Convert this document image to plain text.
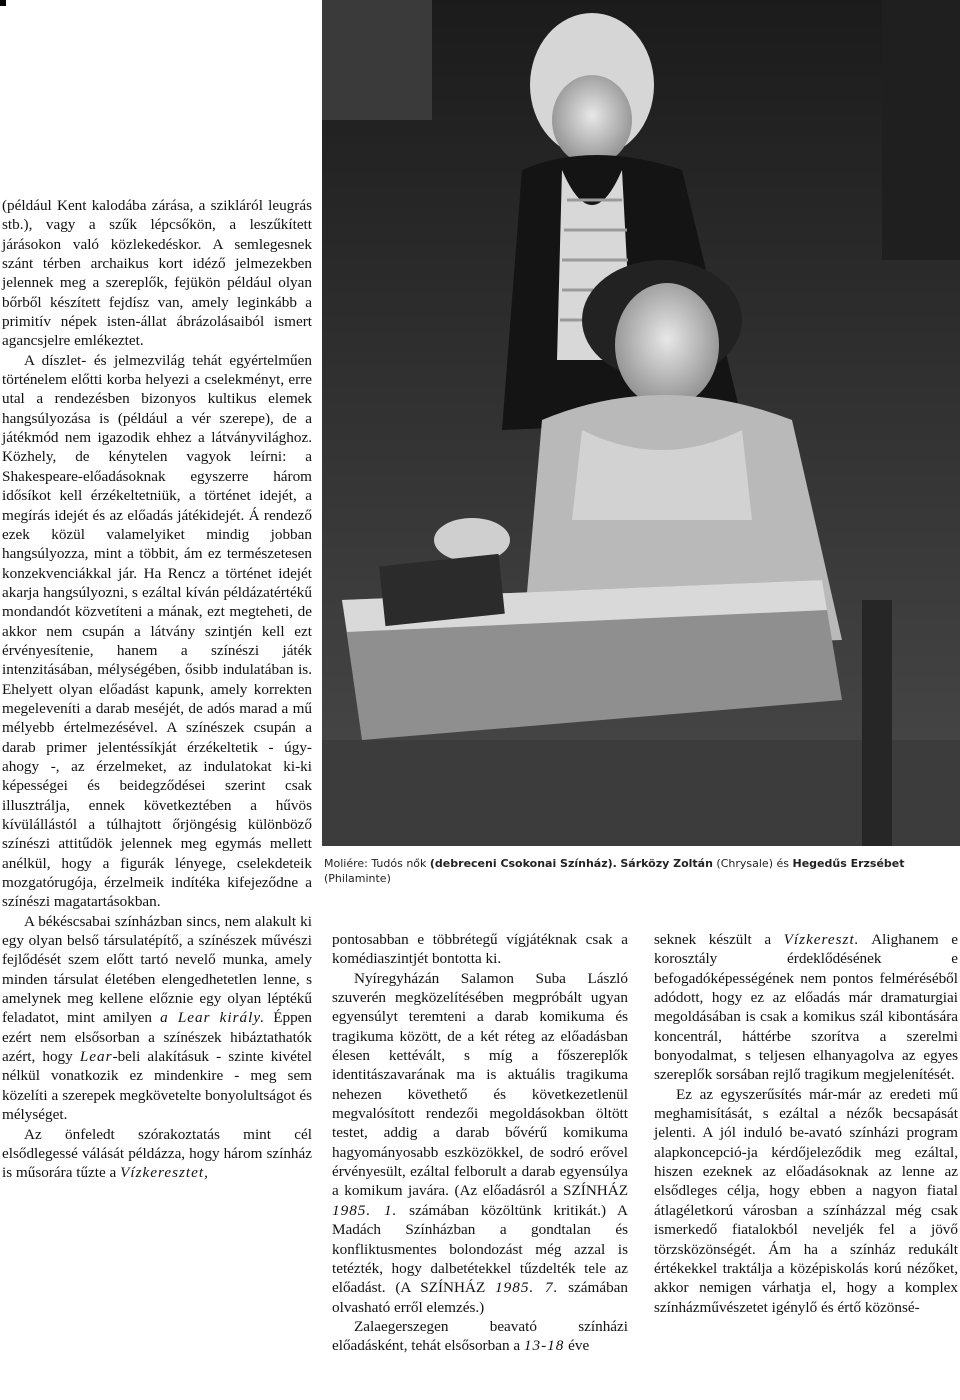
(például Kent kalodába zárása, a szikláról leugrás stb.), vagy a szűk lépcsőkön, a leszűkített járásokon való közlekedéskor. A semlegesnek szánt térben archaikus kort idéző jelmezekben jelennek meg a szereplők, fejükön például olyan bőrből készített fejdísz van, amely leginkább a primitív népek isten-állat ábrázolásaiból ismert agancsjelre emlékeztet.

A díszlet- és jelmezvilág tehát egyértelműen történelem előtti korba helyezi a cselekményt, erre utal a rendezésben bizonyos kultikus elemek hangsúlyozása is (például a vér szerepe), de a játékmód nem igazodik ehhez a látványvilághoz. Közhely, de kénytelen vagyok leírni: a Shakespeare-előadásoknak egyszerre három idősíkot kell érzékeltetniük, a történet idejét, a megírás idejét és az előadás játékidejét. Á rendező ezek közül valamelyiket mindig jobban hangsúlyozza, mint a többit, ám ez természetesen konzekvenciákkal jár. Ha Rencz a történet idejét akarja hangsúlyozni, s ezáltal kíván példázatértékű mondandót közvetíteni a mának, ezt megteheti, de akkor nem csupán a látvány szintjén kell ezt érvényesítenie, hanem a színészi játék intenzitásában, mélységében, ősibb indulatában is. Ehelyett olyan előadást kapunk, amely korrekten megeleveníti a darab meséjét, de adós marad a mű mélyebb értelmezésével. A színészek csupán a darab primer jelentéssíkját érzékeltetik - úgy-ahogy -, az érzelmeket, az indulatokat ki-ki képességei és beidegződései szerint csak illusztrálja, ennek következtében a hűvös kívülállástól a túlhajtott őrjöngésig különböző színészi attitűdök jelennek meg egymás mellett anélkül, hogy a figurák lényege, cselekdeteik mozgatórugója, érzelmeik indítéka kifejeződne a színészi magatartásokban.

A békéscsabai színházban sincs, nem alakult ki egy olyan belső társulatépítő, a színészek művészi fejlődését szem előtt tartó nevelő munka, amely minden társulat életében elengedhetetlen lenne, s amelynek meg kellene előznie egy olyan léptékű feladatot, mint amilyen a Lear király. Éppen ezért nem elsősorban a színészek hibáztathatók azért, hogy Lear-beli alakításuk - szinte kivétel nélkül vonatkozik ez mindenkire - meg sem közelíti a szerepek megkövetelte bonyolultságot és mélységet.

Az önfeledt szórakoztatás mint cél elsődlegessé válását példázza, hogy három színház is műsorára tűzte a Vízkeresztet,

Moliére: Tudós nők (debreceni Csokonai Színház). Sárközy Zoltán (Chrysale) és Hegedűs Erzsébet (Philaminte)

pontosabban e többrétegű vígjátéknak csak a komédiaszintjét bontotta ki.

Nyíregyházán Salamon Suba László szuverén megközelítésében megpróbált ugyan egyensúlyt teremteni a darab komikuma és tragikuma között, de a két réteg az előadásban élesen kettévált, s míg a főszereplők identitászavarának ma is aktuális tragikuma nehezen követhető és következetlenül megvalósított rendezői megoldásokban öltött testet, addig a darab bővérű komikuma hagyományosabb eszközökkel, de sodró erővel érvényesült, ezáltal felborult a darab egyensúlya a komikum javára. (Az előadásról a SZÍNHÁZ 1985. 1. számában közöltünk kritikát.) A Madách Színházban a gondtalan és konfliktusmentes bolondozást még azzal is tetézték, hogy dalbetétekkel tűzdelték tele az előadást. (A SZÍNHÁZ 1985. 7. számában olvasható erről elemzés.)

Zalaegerszegen beavató színházi előadásként, tehát elsősorban a 13-18 éve

seknek készült a Vízkereszt. Alighanem e korosztály érdeklődésének e befogadóképességének nem pontos felméréséből adódott, hogy ez az előadás már dramaturgiai megoldásában is csak a komikus szál kibontására koncentrál, háttérbe szorítva a szerelmi bonyodalmat, s teljesen elhanyagolva az egyes szereplők sorsában rejlő tragikum megjelenítését.

Ez az egyszerűsítés már-már az eredeti mű meghamisítását, s ezáltal a nézők becsapását jelenti. A jól induló be-avató színházi program alapkoncepció-ja kérdőjeleződik meg ezáltal, hiszen ezeknek az előadásoknak az lenne az elsődleges célja, hogy ebben a nagyon fiatal átlagéletkorú városban a színházzal még csak ismerkedő fiatalokból neveljék fel a jövő törzsközönségét. Ám ha a színház redukált értékekkel traktálja a középiskolás korú nézőket, akkor nemigen várhatja el, hogy a komplex színházművészetet igénylő és értő közönsé-
